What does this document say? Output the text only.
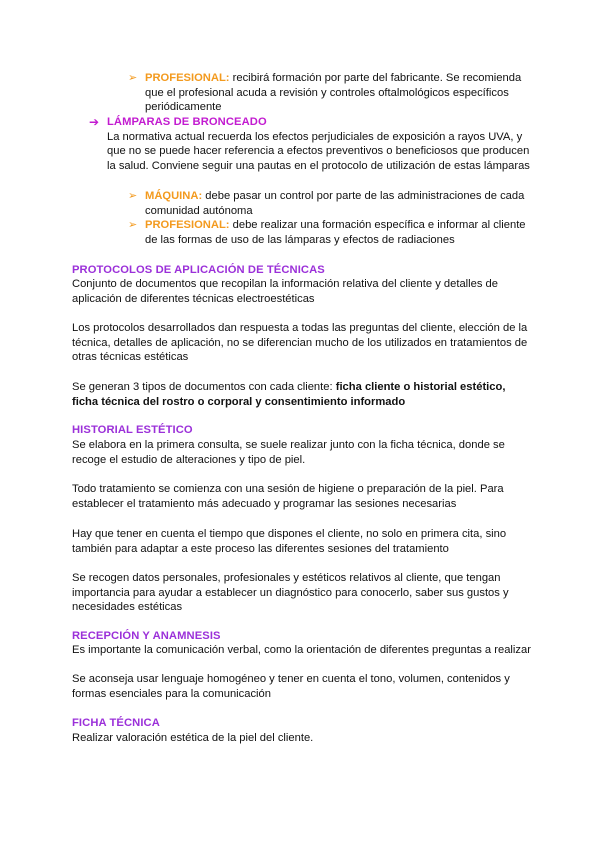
➢ PROFESIONAL: recibirá formación por parte del fabricante. Se recomienda que el profesional acuda a revisión y controles oftalmológicos específicos periódicamente

➔ LÁMPARAS DE BRONCEADO

La normativa actual recuerda los efectos perjudiciales de exposición a rayos UVA, y que no se puede hacer referencia a efectos preventivos o beneficiosos que producen la salud. Conviene seguir una pautas en el protocolo de utilización de estas lámparas

➢ MÁQUINA: debe pasar un control por parte de las administraciones de cada comunidad autónoma

➢ PROFESIONAL: debe realizar una formación específica e informar al cliente de las formas de uso de las lámparas y efectos de radiaciones

PROTOCOLOS DE APLICACIÓN DE TÉCNICAS

Conjunto de documentos que recopilan la información relativa del cliente y detalles de aplicación de diferentes técnicas electroestéticas

Los protocolos desarrollados dan respuesta a todas las preguntas del cliente, elección de la técnica, detalles de aplicación, no se diferencian mucho de los utilizados en tratamientos de otras técnicas estéticas

Se generan 3 tipos de documentos con cada cliente: ficha cliente o historial estético, ficha técnica del rostro o corporal y consentimiento informado

HISTORIAL ESTÉTICO

Se elabora en la primera consulta, se suele realizar junto con la ficha técnica, donde se recoge el estudio de alteraciones y tipo de piel.

Todo tratamiento se comienza con una sesión de higiene o preparación de la piel. Para establecer el tratamiento más adecuado y programar las sesiones necesarias

Hay que tener en cuenta el tiempo que dispones el cliente, no solo en primera cita, sino también para adaptar a este proceso las diferentes sesiones del tratamiento

Se recogen datos personales, profesionales y estéticos relativos al cliente, que tengan importancia para ayudar a establecer un diagnóstico para conocerlo, saber sus gustos y necesidades estéticas

RECEPCIÓN Y ANAMNESIS

Es importante la comunicación verbal, como la orientación de diferentes preguntas a realizar

Se aconseja usar lenguaje homogéneo y tener en cuenta el tono, volumen, contenidos y formas esenciales para la comunicación

FICHA TÉCNICA

Realizar valoración estética de la piel del cliente.
